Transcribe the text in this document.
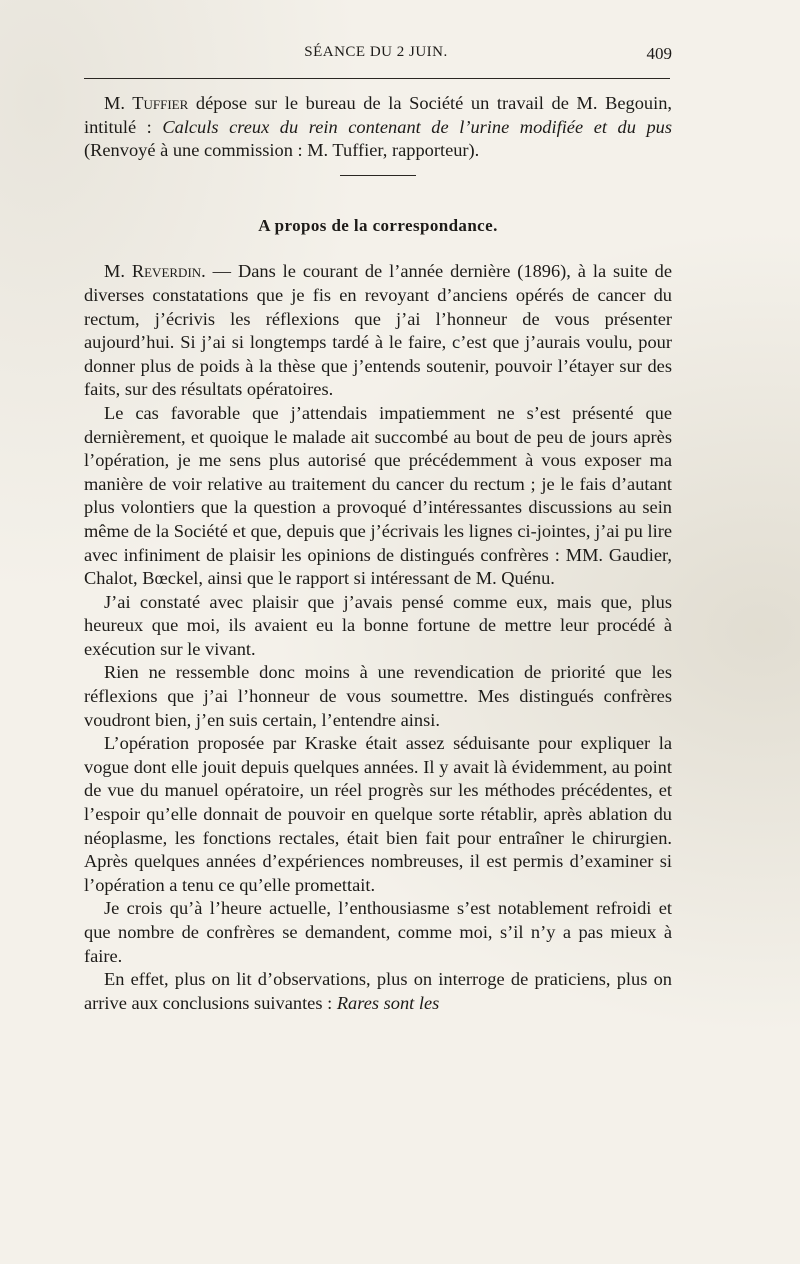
SÉANCE DU 2 JUIN.	409

M. Tuffier dépose sur le bureau de la Société un travail de M. Begouin, intitulé : Calculs creux du rein contenant de l’urine modifiée et du pus (Renvoyé à une commission : M. Tuffier, rapporteur).

A propos de la correspondance.

M. Reverdin. — Dans le courant de l’année dernière (1896), à la suite de diverses constatations que je fis en revoyant d’anciens opérés de cancer du rectum, j’écrivis les réflexions que j’ai l’honneur de vous présenter aujourd’hui. Si j’ai si longtemps tardé à le faire, c’est que j’aurais voulu, pour donner plus de poids à la thèse que j’entends soutenir, pouvoir l’étayer sur des faits, sur des résultats opératoires.

Le cas favorable que j’attendais impatiemment ne s’est présenté que dernièrement, et quoique le malade ait succombé au bout de peu de jours après l’opération, je me sens plus autorisé que précédemment à vous exposer ma manière de voir relative au traitement du cancer du rectum ; je le fais d’autant plus volontiers que la question a provoqué d’intéressantes discussions au sein même de la Société et que, depuis que j’écrivais les lignes ci-jointes, j’ai pu lire avec infiniment de plaisir les opinions de distingués confrères : MM. Gaudier, Chalot, Bœckel, ainsi que le rapport si intéressant de M. Quénu.

J’ai constaté avec plaisir que j’avais pensé comme eux, mais que, plus heureux que moi, ils avaient eu la bonne fortune de mettre leur procédé à exécution sur le vivant.

Rien ne ressemble donc moins à une revendication de priorité que les réflexions que j’ai l’honneur de vous soumettre. Mes distingués confrères voudront bien, j’en suis certain, l’entendre ainsi.

L’opération proposée par Kraske était assez séduisante pour expliquer la vogue dont elle jouit depuis quelques années. Il y avait là évidemment, au point de vue du manuel opératoire, un réel progrès sur les méthodes précédentes, et l’espoir qu’elle donnait de pouvoir en quelque sorte rétablir, après ablation du néoplasme, les fonctions rectales, était bien fait pour entraîner le chirurgien. Après quelques années d’expériences nombreuses, il est permis d’examiner si l’opération a tenu ce qu’elle promettait.

Je crois qu’à l’heure actuelle, l’enthousiasme s’est notablement refroidi et que nombre de confrères se demandent, comme moi, s’il n’y a pas mieux à faire.

En effet, plus on lit d’observations, plus on interroge de praticiens, plus on arrive aux conclusions suivantes : Rares sont les
